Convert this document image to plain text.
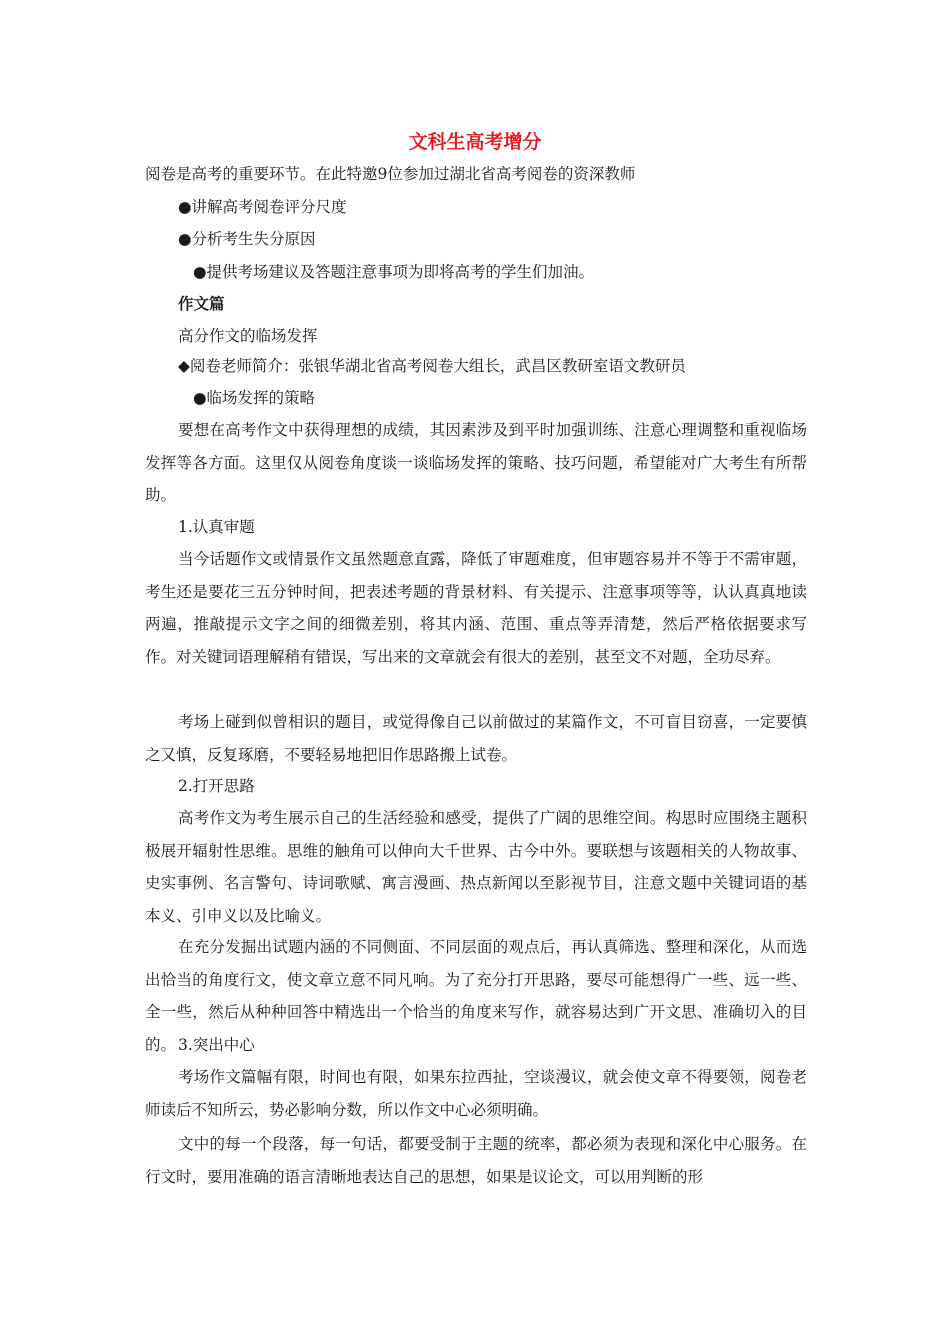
文科生高考增分
阅卷是高考的重要环节。在此特邀9位参加过湖北省高考阅卷的资深教师
●讲解高考阅卷评分尺度
●分析考生失分原因
●提供考场建议及答题注意事项为即将高考的学生们加油。
作文篇
高分作文的临场发挥
◆阅卷老师简介：张银华湖北省高考阅卷大组长，武昌区教研室语文教研员
●临场发挥的策略
要想在高考作文中获得理想的成绩，其因素涉及到平时加强训练、注意心理调整和重视临场发挥等各方面。这里仅从阅卷角度谈一谈临场发挥的策略、技巧问题，希望能对广大考生有所帮助。
1.认真审题
当今话题作文或情景作文虽然题意直露，降低了审题难度，但审题容易并不等于不需审题，考生还是要花三五分钟时间，把表述考题的背景材料、有关提示、注意事项等等，认认真真地读两遍，推敲提示文字之间的细微差别，将其内涵、范围、重点等弄清楚，然后严格依据要求写作。对关键词语理解稍有错误，写出来的文章就会有很大的差别，甚至文不对题，全功尽弃。
考场上碰到似曾相识的题目，或觉得像自己以前做过的某篇作文，不可盲目窃喜，一定要慎之又慎，反复琢磨，不要轻易地把旧作思路搬上试卷。
2.打开思路
高考作文为考生展示自己的生活经验和感受，提供了广阔的思维空间。构思时应围绕主题积极展开辐射性思维。思维的触角可以伸向大千世界、古今中外。要联想与该题相关的人物故事、史实事例、名言警句、诗词歌赋、寓言漫画、热点新闻以至影视节目，注意文题中关键词语的基本义、引申义以及比喻义。
在充分发掘出试题内涵的不同侧面、不同层面的观点后，再认真筛选、整理和深化，从而选出恰当的角度行文，使文章立意不同凡响。为了充分打开思路，要尽可能想得广一些、远一些、全一些，然后从种种回答中精选出一个恰当的角度来写作，就容易达到广开文思、准确切入的目的。 3.突出中心
考场作文篇幅有限，时间也有限，如果东拉西扯，空谈漫议，就会使文章不得要领，阅卷老师读后不知所云，势必影响分数，所以作文中心必须明确。
文中的每一个段落，每一句话，都要受制于主题的统率，都必须为表现和深化中心服务。在行文时，要用准确的语言清晰地表达自己的思想，如果是议论文，可以用判断的形
